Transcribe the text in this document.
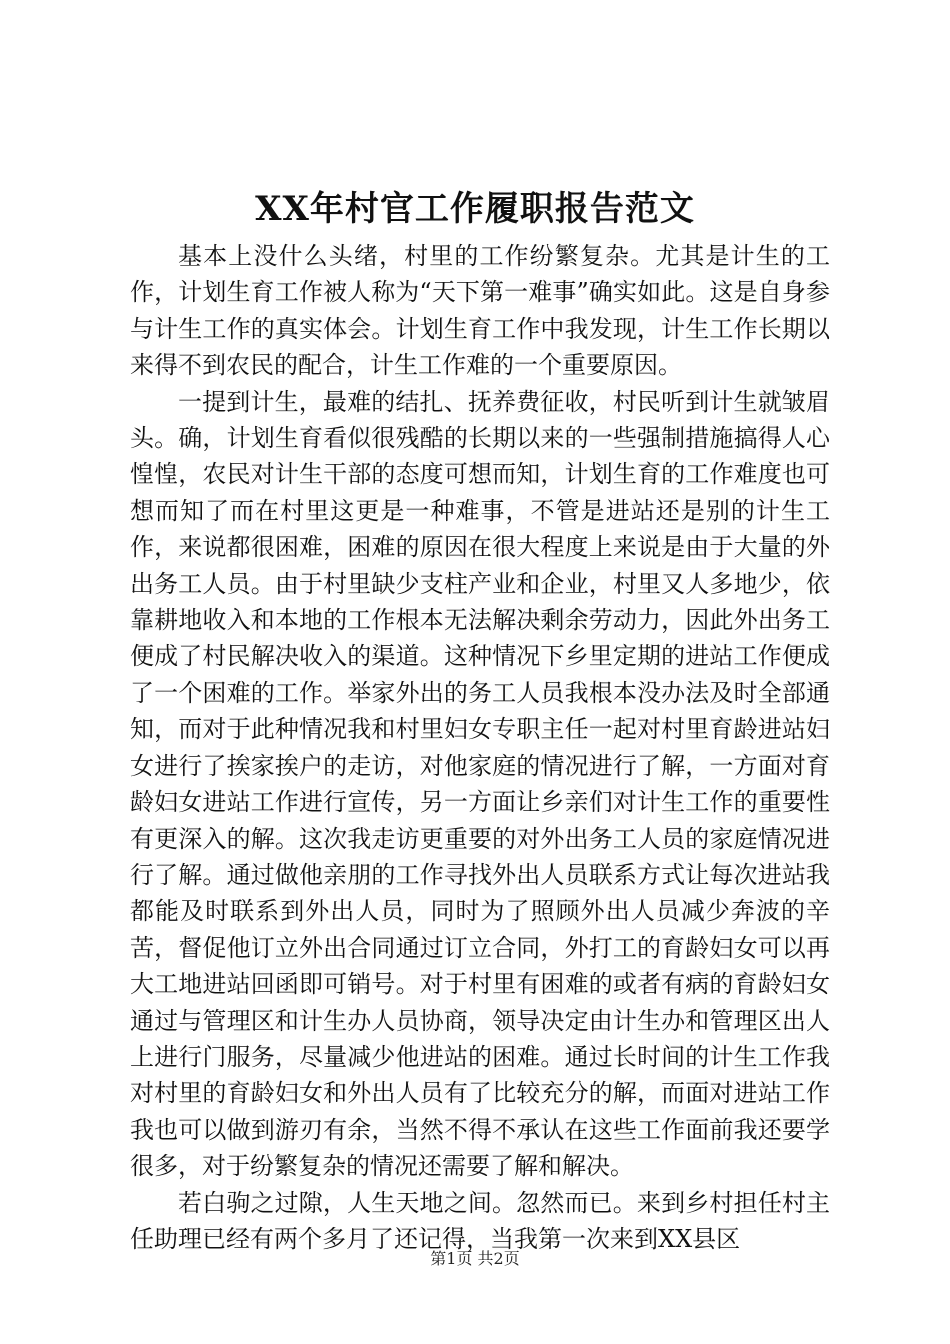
XX年村官工作履职报告范文

基本上没什么头绪，村里的工作纷繁复杂。尤其是计生的工作，计划生育工作被人称为“天下第一难事”确实如此。这是自身参与计生工作的真实体会。计划生育工作中我发现，计生工作长期以来得不到农民的配合，计生工作难的一个重要原因。

一提到计生，最难的结扎、抚养费征收，村民听到计生就皱眉头。确，计划生育看似很残酷的长期以来的一些强制措施搞得人心惶惶，农民对计生干部的态度可想而知，计划生育的工作难度也可想而知了而在村里这更是一种难事，不管是进站还是别的计生工作，来说都很困难，困难的原因在很大程度上来说是由于大量的外出务工人员。由于村里缺少支柱产业和企业，村里又人多地少，依靠耕地收入和本地的工作根本无法解决剩余劳动力，因此外出务工便成了村民解决收入的渠道。这种情况下乡里定期的进站工作便成了一个困难的工作。举家外出的务工人员我根本没办法及时全部通知，而对于此种情况我和村里妇女专职主任一起对村里育龄进站妇女进行了挨家挨户的走访，对他家庭的情况进行了解，一方面对育龄妇女进站工作进行宣传，另一方面让乡亲们对计生工作的重要性有更深入的解。这次我走访更重要的对外出务工人员的家庭情况进行了解。通过做他亲朋的工作寻找外出人员联系方式让每次进站我都能及时联系到外出人员，同时为了照顾外出人员减少奔波的辛苦，督促他订立外出合同通过订立合同，外打工的育龄妇女可以再大工地进站回函即可销号。对于村里有困难的或者有病的育龄妇女通过与管理区和计生办人员协商，领导决定由计生办和管理区出人上进行门服务，尽量减少他进站的困难。通过长时间的计生工作我对村里的育龄妇女和外出人员有了比较充分的解，而面对进站工作我也可以做到游刃有余，当然不得不承认在这些工作面前我还要学很多，对于纷繁复杂的情况还需要了解和解决。

若白驹之过隙，人生天地之间。忽然而已。来到乡村担任村主任助理已经有两个多月了还记得，当我第一次来到XX县区

第1页 共2页
